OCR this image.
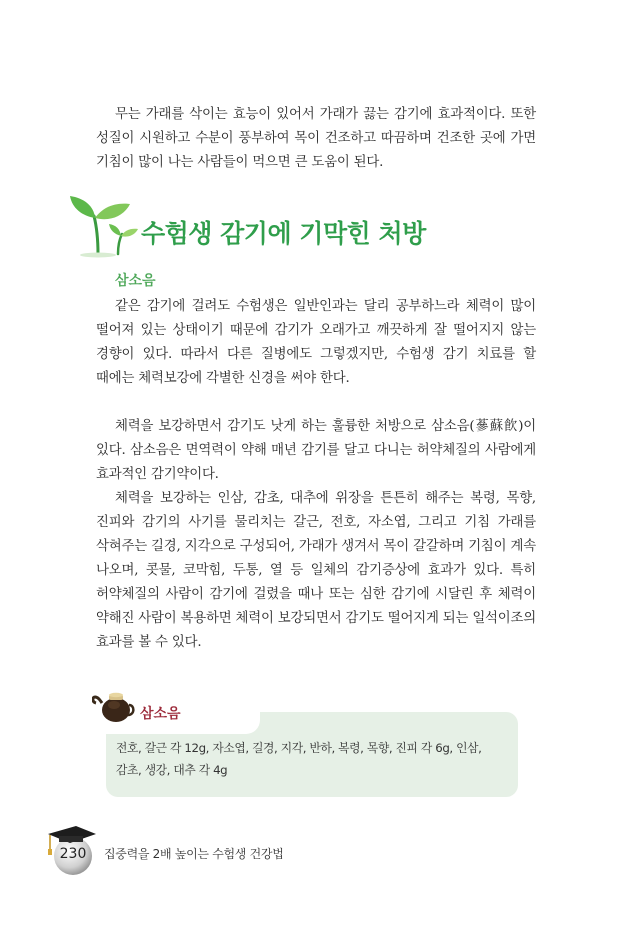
무는 가래를 삭이는 효능이 있어서 가래가 끓는 감기에 효과적이다. 또한 성질이 시원하고 수분이 풍부하여 목이 건조하고 따끔하며 건조한 곳에 가면 기침이 많이 나는 사람들이 먹으면 큰 도움이 된다.

수험생 감기에 기막힌 처방

삼소음

같은 감기에 걸려도 수험생은 일반인과는 달리 공부하느라 체력이 많이 떨어져 있는 상태이기 때문에 감기가 오래가고 깨끗하게 잘 떨어지지 않는 경향이 있다. 따라서 다른 질병에도 그렇겠지만, 수험생 감기 치료를 할 때에는 체력보강에 각별한 신경을 써야 한다.

체력을 보강하면서 감기도 낫게 하는 훌륭한 처방으로 삼소음(蔘蘇飮)이 있다. 삼소음은 면역력이 약해 매년 감기를 달고 다니는 허약체질의 사람에게 효과적인 감기약이다.

체력을 보강하는 인삼, 감초, 대추에 위장을 튼튼히 해주는 복령, 목향, 진피와 감기의 사기를 물리치는 갈근, 전호, 자소엽, 그리고 기침 가래를 삭혀주는 길경, 지각으로 구성되어, 가래가 생겨서 목이 갈갈하며 기침이 계속 나오며, 콧물, 코막힘, 두통, 열 등 일체의 감기증상에 효과가 있다. 특히 허약체질의 사람이 감기에 걸렸을 때나 또는 심한 감기에 시달린 후 체력이 약해진 사람이 복용하면 체력이 보강되면서 감기도 떨어지게 되는 일석이조의 효과를 볼 수 있다.

삼소음

전호, 갈근 각 12g, 자소엽, 길경, 지각, 반하, 복령, 목향, 진피 각 6g, 인삼, 감초, 생강, 대추 각 4g

230	집중력을 2배 높이는 수험생 건강법
